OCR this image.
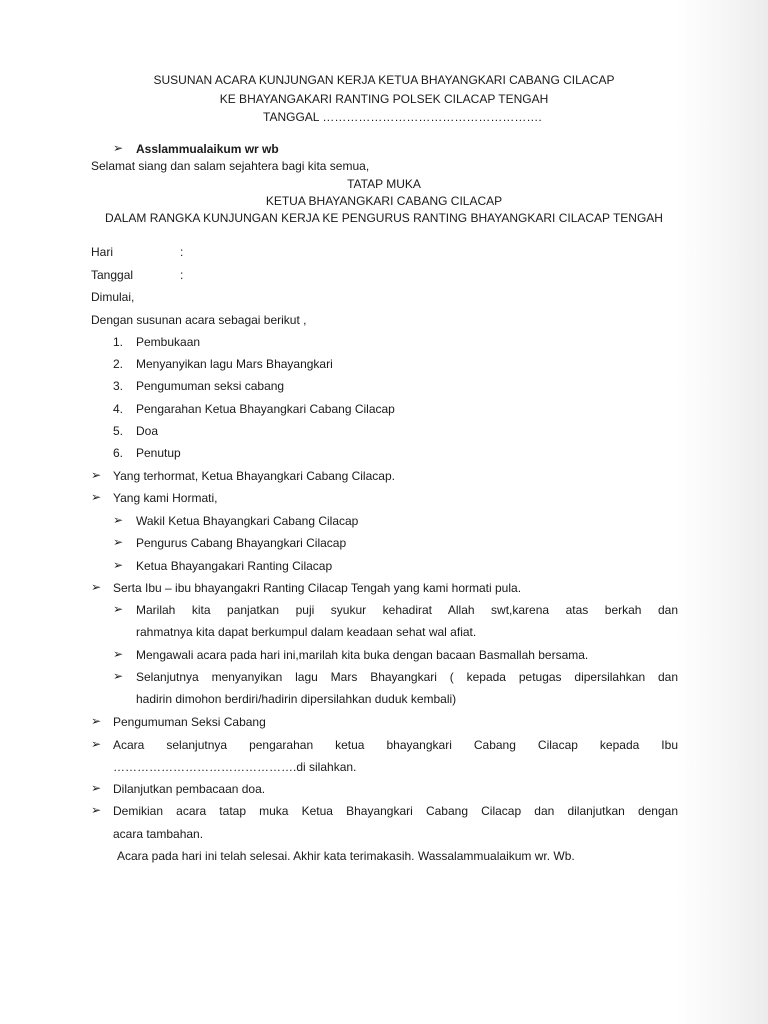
SUSUNAN ACARA KUNJUNGAN KERJA KETUA BHAYANGKARI CABANG CILACAP
KE BHAYANGAKARI RANTING POLSEK CILACAP TENGAH
TANGGAL ……………………………………………….
➢ Asslammualaikum wr wb
Selamat siang dan salam sejahtera bagi kita semua,
TATAP MUKA
KETUA BHAYANGKARI CABANG CILACAP
DALAM RANGKA KUNJUNGAN KERJA KE PENGURUS RANTING BHAYANGKARI CILACAP TENGAH
Hari	:
Tanggal	:
Dimulai,
Dengan susunan acara sebagai berikut ,
1. Pembukaan
2. Menyanyikan lagu Mars Bhayangkari
3. Pengumuman seksi cabang
4. Pengarahan Ketua Bhayangkari Cabang Cilacap
5. Doa
6. Penutup
➢ Yang terhormat, Ketua Bhayangkari Cabang Cilacap.
➢ Yang kami Hormati,
➢ Wakil Ketua Bhayangkari Cabang Cilacap
➢ Pengurus Cabang Bhayangkari Cilacap
➢ Ketua Bhayangakari Ranting Cilacap
➢ Serta Ibu – ibu bhayangakri Ranting Cilacap Tengah yang kami hormati pula.
➢ Marilah kita panjatkan puji syukur kehadirat Allah swt,karena atas berkah dan
rahmatnya kita dapat berkumpul dalam keadaan sehat wal afiat.
➢ Mengawali acara pada hari ini,marilah kita buka dengan bacaan Basmallah bersama.
➢ Selanjutnya menyanyikan lagu Mars Bhayangkari ( kepada petugas dipersilahkan dan
hadirin dimohon berdiri/hadirin dipersilahkan duduk kembali)
➢ Pengumuman Seksi Cabang
➢ Acara selanjutnya pengarahan ketua bhayangkari Cabang Cilacap kepada Ibu
……………………………………….di silahkan.
➢ Dilanjutkan pembacaan doa.
➢ Demikian acara tatap muka Ketua Bhayangkari Cabang Cilacap dan dilanjutkan dengan
acara tambahan.
Acara pada hari ini telah selesai. Akhir kata terimakasih. Wassalammualaikum wr. Wb.
